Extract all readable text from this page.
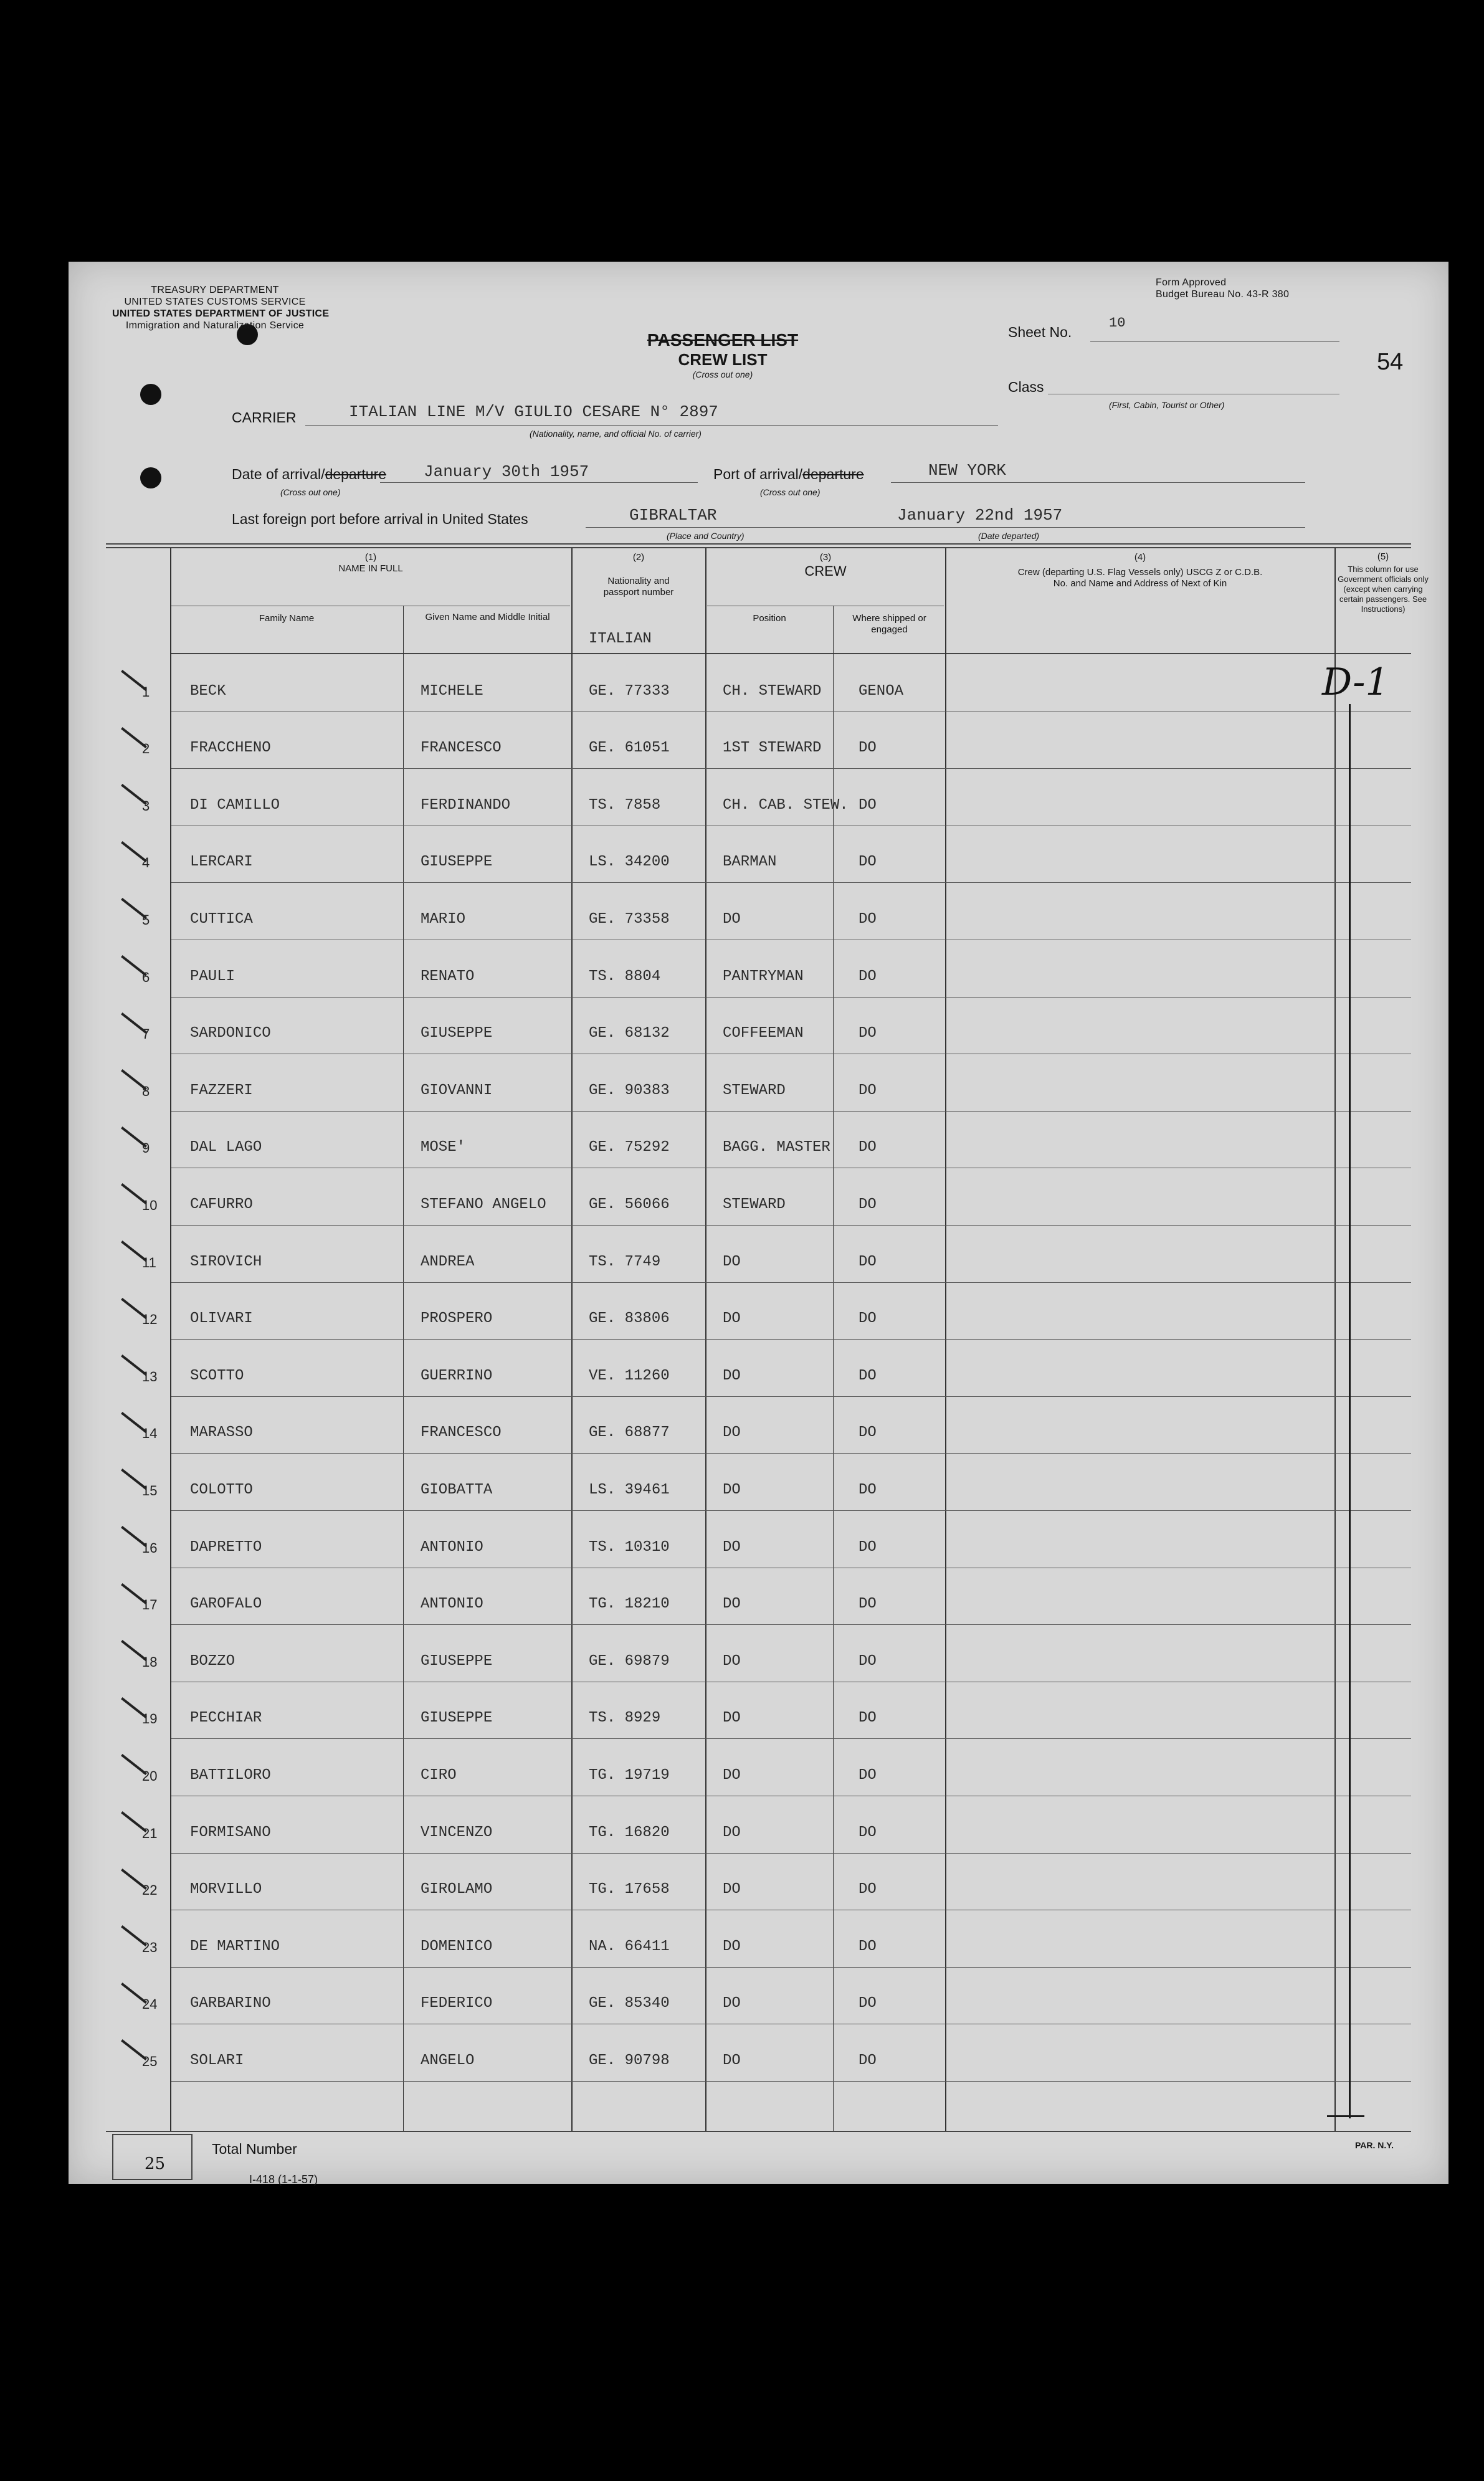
TREASURY DEPARTMENT
UNITED STATES CUSTOMS SERVICE
UNITED STATES DEPARTMENT OF JUSTICE
Immigration and Naturalization Service
Form Approved
Budget Bureau No. 43-R 380
PASSENGER LIST
CREW LIST
(Cross out one)
Sheet No.
10
54
Class
(First, Cabin, Tourist or Other)
CARRIER	ITALIAN LINE M/V GIULIO CESARE N° 2897
(Nationality, name, and official No. of carrier)
Date of arrival/departure January 30th 1957
(Cross out one)
Port of arrival/departure	NEW YORK
(Cross out one)
Last foreign port before arrival in United States	GIBRALTAR
(Place and Country)
January 22nd 1957
(Date departed)
(1)
NAME IN FULL
Family Name	Given Name and Middle Initial
(2)
Nationality and passport number
ITALIAN
(3)
CREW
Position	Where shipped or engaged
(4)
Crew (departing U.S. Flag Vessels only) USCG Z or C.D.B. No. and Name and Address of Next of Kin
(5)
This column for use Government officials only (except when carrying certain passengers. See Instructions)
1	BECK	MICHELE	GE. 77333	CH. STEWARD GENOA
2	FRACCHENO	FRANCESCO	GE. 61051	1ST STEWARD DO
3	DI CAMILLO	FERDINANDO	TS. 7858	CH. CAB. STEW. DO
4	LERCARI	GIUSEPPE	LS. 34200	BARMAN	DO
5	CUTTICA	MARIO	GE. 73358	DO	DO
6	PAULI	RENATO	TS. 8804	PANTRYMAN	DO
7	SARDONICO	GIUSEPPE	GE. 68132	COFFEEMAN	DO
8	FAZZERI	GIOVANNI	GE. 90383	STEWARD	DO
9	DAL LAGO	MOSE'	GE. 75292	BAGG. MASTER DO
10 CAFURRO	STEFANO ANGELO	GE. 56066	STEWARD	DO
11 SIROVICH	ANDREA	TS. 7749	DO	DO
12 OLIVARI	PROSPERO	GE. 83806	DO	DO
13 SCOTTO	GUERRINO	VE. 11260	DO	DO
14 MARASSO	FRANCESCO	GE. 68877	DO	DO
15 COLOTTO	GIOBATTA	LS. 39461	DO	DO
16 DAPRETTO	ANTONIO	TS. 10310	DO	DO
17 GAROFALO	ANTONIO	TG. 18210	DO	DO
18 BOZZO	GIUSEPPE	GE. 69879	DO	DO
19 PECCHIAR	GIUSEPPE	TS. 8929	DO	DO
20 BATTILORO	CIRO	TG. 19719	DO	DO
21 FORMISANO	VINCENZO	TG. 16820	DO	DO
22 MORVILLO	GIROLAMO	TG. 17658	DO	DO
23 DE MARTINO	DOMENICO	NA. 66411	DO	DO
24 GARBARINO	FEDERICO	GE. 85340	DO	DO
25 SOLARI	ANGELO	GE. 90798	DO	DO
D-1
25
Total Number
I-418 (1-1-57)
PAR. N.Y.
